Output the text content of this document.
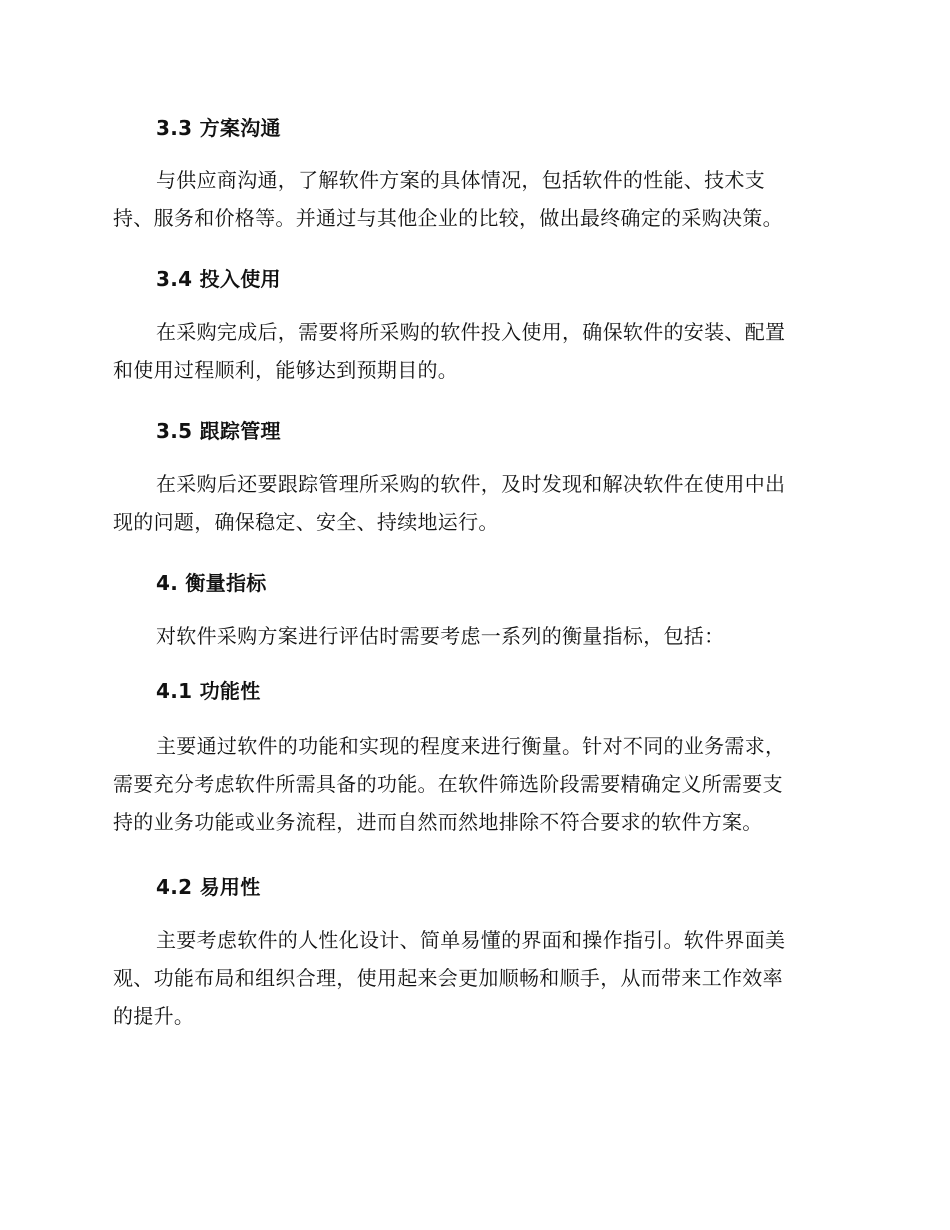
3.3 方案沟通

与供应商沟通，了解软件方案的具体情况，包括软件的性能、技术支
持、服务和价格等。并通过与其他企业的比较，做出最终确定的采购决策。

3.4 投入使用

在采购完成后，需要将所采购的软件投入使用，确保软件的安装、配置
和使用过程顺利，能够达到预期目的。

3.5 跟踪管理

在采购后还要跟踪管理所采购的软件，及时发现和解决软件在使用中出
现的问题，确保稳定、安全、持续地运行。

4. 衡量指标

对软件采购方案进行评估时需要考虑一系列的衡量指标，包括：

4.1 功能性

主要通过软件的功能和实现的程度来进行衡量。针对不同的业务需求，
需要充分考虑软件所需具备的功能。在软件筛选阶段需要精确定义所需要支
持的业务功能或业务流程，进而自然而然地排除不符合要求的软件方案。

4.2 易用性

主要考虑软件的人性化设计、简单易懂的界面和操作指引。软件界面美
观、功能布局和组织合理，使用起来会更加顺畅和顺手，从而带来工作效率
的提升。
